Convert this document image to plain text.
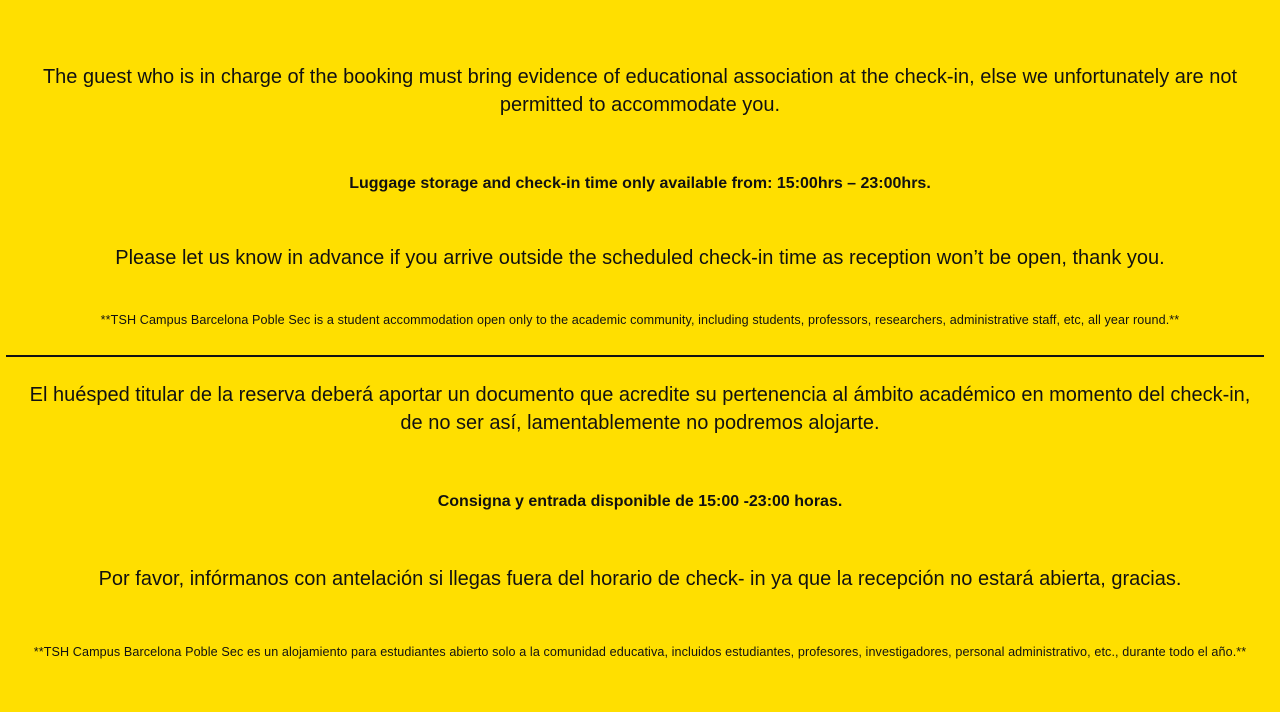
The guest who is in charge of the booking must bring evidence of educational association at the check-in, else we unfortunately are not permitted to accommodate you.

Luggage storage and check-in time only available from: 15:00hrs – 23:00hrs.

Please let us know in advance if you arrive outside the scheduled check-in time as reception won’t be open, thank you.

**TSH Campus Barcelona Poble Sec is a student accommodation open only to the academic community, including students, professors, researchers, administrative staff, etc, all year round.**

El huésped titular de la reserva deberá aportar un documento que acredite su pertenencia al ámbito académico en momento del check-in, de no ser así, lamentablemente no podremos alojarte.

Consigna y entrada disponible de 15:00 -23:00 horas.

Por favor, infórmanos con antelación si llegas fuera del horario de check- in ya que la recepción no estará abierta, gracias.

**TSH Campus Barcelona Poble Sec es un alojamiento para estudiantes abierto solo a la comunidad educativa, incluidos estudiantes, profesores, investigadores, personal administrativo, etc., durante todo el año.**
